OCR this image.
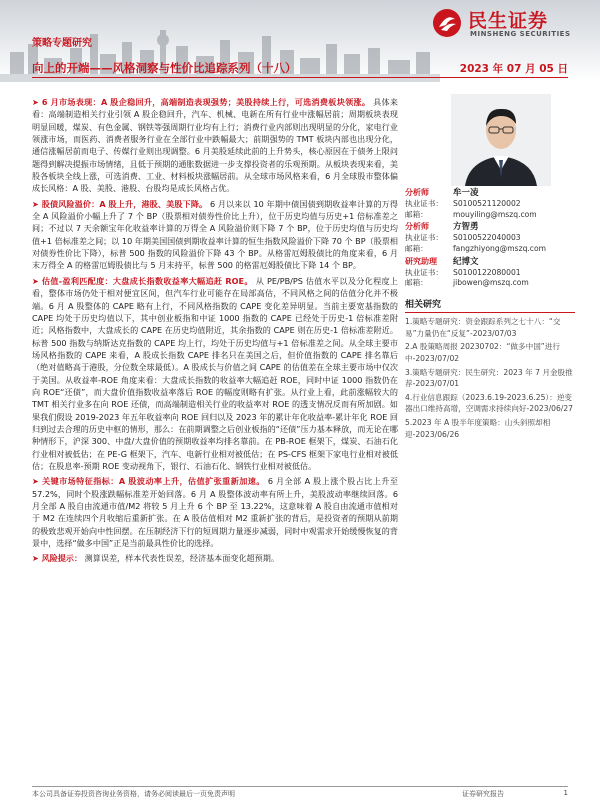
策略专题研究
民生证券
MINSHENG SECURITIES
向上的开端——风格洞察与性价比追踪系列（十八）	2023 年 07 月 05 日

➤ 6 月市场表现：A 股企稳回升，高端制造表现强势；美股持续上行，可选消费板块领涨。 具体来看：高端制造相关行业引领 A 股企稳回升，汽车、机械、电新在所有行业中涨幅居前；周期板块表现明显回暖，煤炭、有色金属、钢铁等强周期行业均有上行；消费行业内部则出现明显的分化，家电行业领涨市场，而医药、消费者服务行业在全部行业中跌幅最大；前期强势的 TMT 板块内部也出现分化，通信涨幅居前而电子、传媒行业则出现调整。6 月美股延续此前的上升势头，核心原因在于债务上限问题得到解决提振市场情绪，且低于预期的通胀数据进一步支撑投资者的乐观预期。从板块表现来看，美股各板块全线上涨，可选消费、工业、材料板块涨幅居前。从全球市场风格来看，6 月全球股市整体偏成长风格：A 股、美股、港股、台股均是成长风格占优。

➤ 股债风险溢价：A 股上升，港股、美股下降。 6 月以来以 10 年期中债国债到期收益率计算的万得全 A 风险溢价小幅上升了 7 个 BP（股票相对债券性价比上升），位于历史均值与历史+1 倍标准差之间；不过以 7 天余额宝年化收益率计算的万得全 A 风险溢价则下降 7 个 BP，位于历史均值与历史均值+1 倍标准差之间；以 10 年期美国国债到期收益率计算的恒生指数风险溢价下降 70 个 BP（股票相对债券性价比下降），标普 500 指数的风险溢价下降 43 个 BP。从格雷厄姆股债比的角度来看，6 月末万得全 A 的格雷厄姆股债比与 5 月末持平，标普 500 的格雷厄姆股债比下降 14 个 BP。

➤ 估值-盈利匹配度：大盘成长指数收益率大幅追赶 ROE。 从 PE/PB/PS 估值水平以及分化程度上看，整体市场仍处于相对便宜区间，但汽车行业可能存在局部高估，不同风格之间的估值分化并不极端。6 月 A 股整体的 CAPE 略有上行，不同风格指数的 CAPE 变化差异明显。当前主要宽基指数的 CAPE 均处于历史均值以下，其中创业板指和中证 1000 指数的 CAPE 已经处于历史-1 倍标准差附近；风格指数中，大盘成长的 CAPE 在历史均值附近，其余指数的 CAPE 则在历史-1 倍标准差附近。标普 500 指数与纳斯达克指数的 CAPE 均上行，均处于历史均值与+1 倍标准差之间。从全球主要市场风格指数的 CAPE 来看，A 股成长指数 CAPE 排名只在美国之后，但价值指数的 CAPE 排名靠后（绝对值略高于港股，分位数全球最低）。A 股成长与价值之间 CAPE 的估值差在全球主要市场中仅次于美国。从收益率-ROE 角度来看：大盘成长指数的收益率大幅追赶 ROE，同时中证 1000 指数仍在向 ROE“还债”，而大盘价值指数收益率落后 ROE 的幅度则略有扩张。从行业上看，此前涨幅较大的 TMT 相关行业多在向 ROE 还债，而高端制造相关行业的收益率对 ROE 的透支情况反而有所加剧。如果我们假设 2019-2023 年五年收益率向 ROE 回归以及 2023 年的累计年化收益率-累计年化 ROE 回归到过去合理的历史中枢的情形，那么：在前期调整之后创业板指的“还债”压力基本释放，而无论在哪种情形下，沪深 300、中盘/大盘价值的预期收益率均排名靠前。在 PB-ROE 框架下，煤炭、石油石化行业相对被低估；在 PE-G 框架下，汽车、电新行业相对被低估；在 PS-CFS 框架下家电行业相对被低估；在股息率-预期 ROE 变动视角下，银行、石油石化、钢铁行业相对被低估。

➤ 关键市场特征指标：A 股波动率上升，估值扩张重新加速。 6 月全部 A 股上涨个股占比上升至 57.2%，同时个股涨跌幅标准差开始回落。6 月 A 股整体波动率有所上升，美股波动率继续回落。6 月全部 A 股自由流通市值/M2 将较 5 月上升 6 个 BP 至 13.22%，这意味着 A 股自由流通市值相对于 M2 在连续四个月收缩后重新扩张。在 A 股估值相对 M2 重新扩张的背后，是投资者的预期从前期的极致悲观开始向中性回摆。在压制经济下行的短周期力量逐步减弱，同时中观需求开始缓慢恢复的背景中，选择“做多中国”正是当前最具性价比的选择。

➤ 风险提示： 测算误差，样本代表性误差，经济基本面变化超预期。

分析师	牟一凌
执业证书：	S0100521120002
邮箱：	mouyiling@mszq.com
分析师	方智勇
执业证书：	S0100522040003
邮箱：	fangzhiyong@mszq.com
研究助理	纪博文
执业证书：	S0100122080001
邮箱：	jibowen@mszq.com
相关研究
1.策略专题研究：资金跟踪系列之七十八：“交易”力量仍在“反复”-2023/07/03
2.A 股策略周报 20230702：“做多中国”进行中-2023/07/02
3.策略专题研究：民生研究：2023 年 7 月金股推荐-2023/07/01
4.行业信息跟踪（2023.6.19-2023.6.25）：逆变器出口维持高增，空调需求持续向好-2023/06/27
5.2023 年 A 股半年度策略：山头斜照却相迎-2023/06/26
本公司具备证券投资咨询业务资格，请务必阅读最后一页免责声明	证券研究报告	1
